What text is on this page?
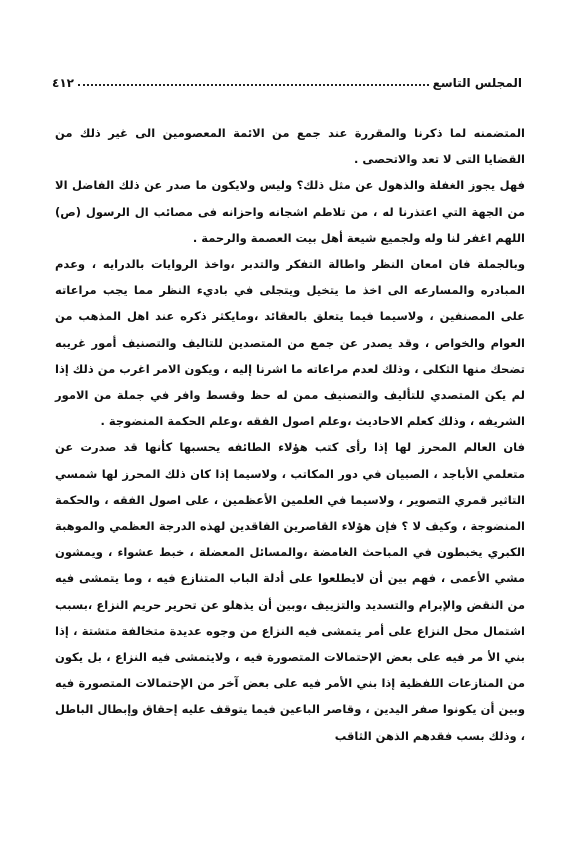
٤١٢	المجلس التاسع

المتضمنه لما ذكرنا والمقررة عند جمع من الائمة المعصومين الى غير ذلك من القضايا التى لا تعد والاتحصى .

فهل يجوز الغفلة والذهول عن مثل ذلك؟ وليس ولايكون ما صدر عن ذلك الفاضل الا من الجهة التي اعتذرنا له ، من تلاطم اشجانه واحزانه فى مصائب ال الرسول (ص) اللهم اغفر لنا وله ولجميع شيعة أهل بيت العصمة والرحمة .

وبالجملة فان امعان النظر واطالة التفكر والتدبر ،واخذ الروايات بالدرايه ، وعدم المبادره والمسارعه الى اخذ ما يتخيل ويتجلى في باديء النظر مما يجب مراعاته على المصنفين ، ولاسيما فيما يتعلق بالعقائد ،ومايكثر ذكره عند اهل المذهب من العوام والخواص ، وقد يصدر عن جمع من المتصدين للتاليف والتصنيف أمور غريبه تضحك منها الثكلى ، وذلك لعدم مراعاته ما اشرنا إليه ، ويكون الامر اغرب من ذلك إذا لم يكن المتصدي للتأليف والتصنيف ممن له حظ وقسط وافر في جملة من الامور الشريفه ، وذلك كعلم الاحاديث ،وعلم اصول الفقه ،وعلم الحكمة المنضوجة .

فان العالم المحرز لها إذا رأى كتب هؤلاء الطائفه يحسبها كأنها قد صدرت عن متعلمي الأباجد ، الصبيان في دور المكاتب ، ولاسيما إذا كان ذلك المحرز لها شمسي التاثير قمري التصوير ، ولاسيما في العلمين الأعظمين ، على اصول الفقه ، والحكمة المنضوجة ، وكيف لا ؟ فإن هؤلاء القاصرين الفاقدين لهذه الدرجة العظمي والموهبة الكبري يخبطون في المباحث الغامضة ،والمسائل المعضلة ، خبط عشواء ، ويمشون مشي الأعمى ، فهم بين أن لايطلعوا على أدلة الباب المتنازع فيه ، وما يتمشى فيه من النقض والإبرام والتسديد والتزييف ،وبين أن يذهلو عن تحرير حريم النزاع ،بسبب اشتمال محل النزاع على أمر يتمشى فيه النزاع من وجوه عديدة متخالفة متشتة ، إذا بني الأ مر فيه على بعض الإحتمالات المتصورة فيه ، ولايتمشى فيه النزاع ، بل يكون من المنازعات اللفظية إذا بني الأمر فيه على بعض آخر من الإحتمالات المتصورة فيه وبين أن يكونوا صفر اليدين ، وقاصر الباعين فيما يتوقف عليه إحقاق وإبطال الباطل ، وذلك بسب فقدهم الذهن الثاقب
